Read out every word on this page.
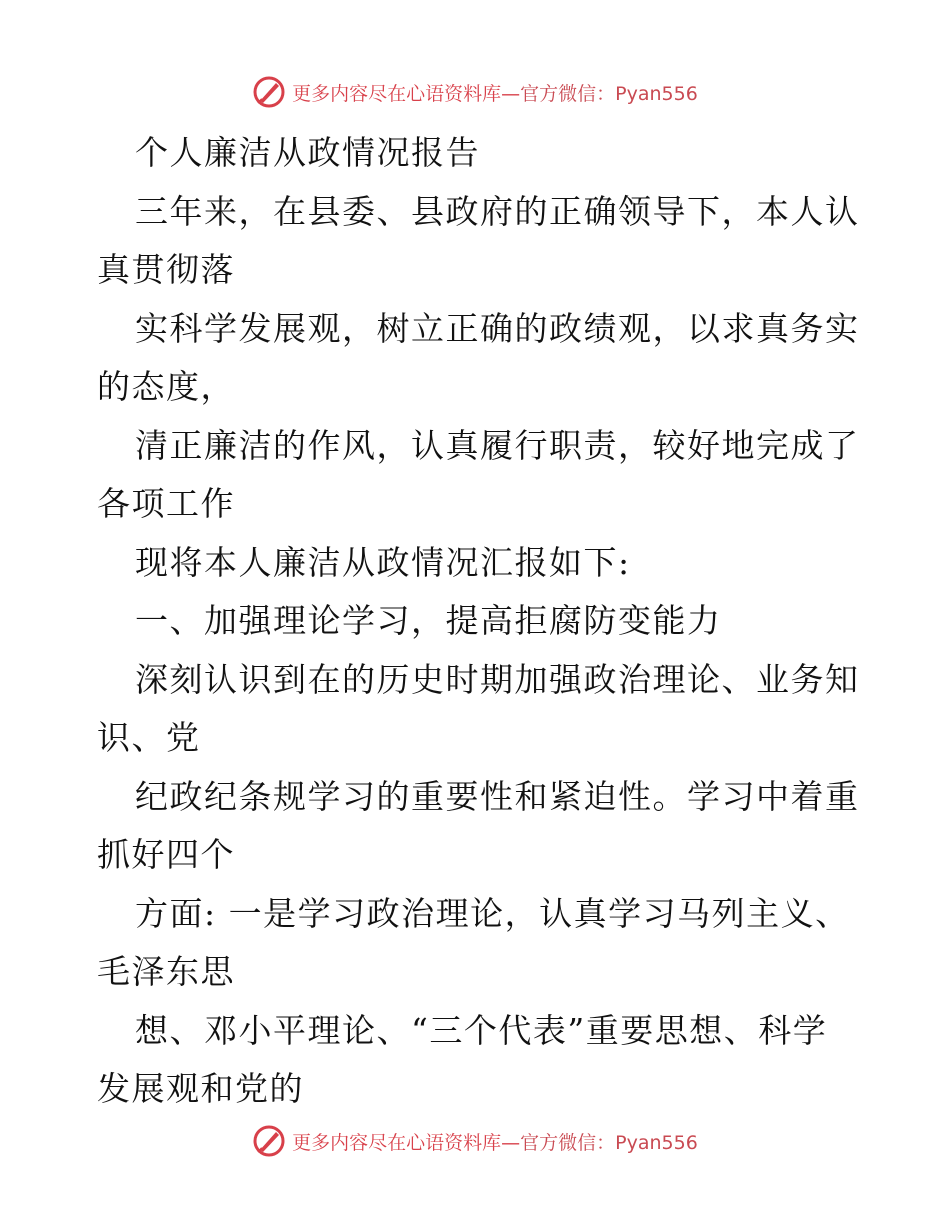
更多内容尽在心语资料库—官方微信：Pyan556
个人廉洁从政情况报告
三年来，在县委、县政府的正确领导下，本人认
真贯彻落
实科学发展观，树立正确的政绩观，以求真务实
的态度，
清正廉洁的作风，认真履行职责，较好地完成了
各项工作
现将本人廉洁从政情况汇报如下:
一、加强理论学习，提高拒腐防变能力
深刻认识到在的历史时期加强政治理论、业务知
识、党
纪政纪条规学习的重要性和紧迫性。学习中着重
抓好四个
方面: 一是学习政治理论，认真学习马列主义、
毛泽东思
想、邓小平理论、“三个代表”重要思想、科学
发展观和党的
更多内容尽在心语资料库—官方微信：Pyan556
